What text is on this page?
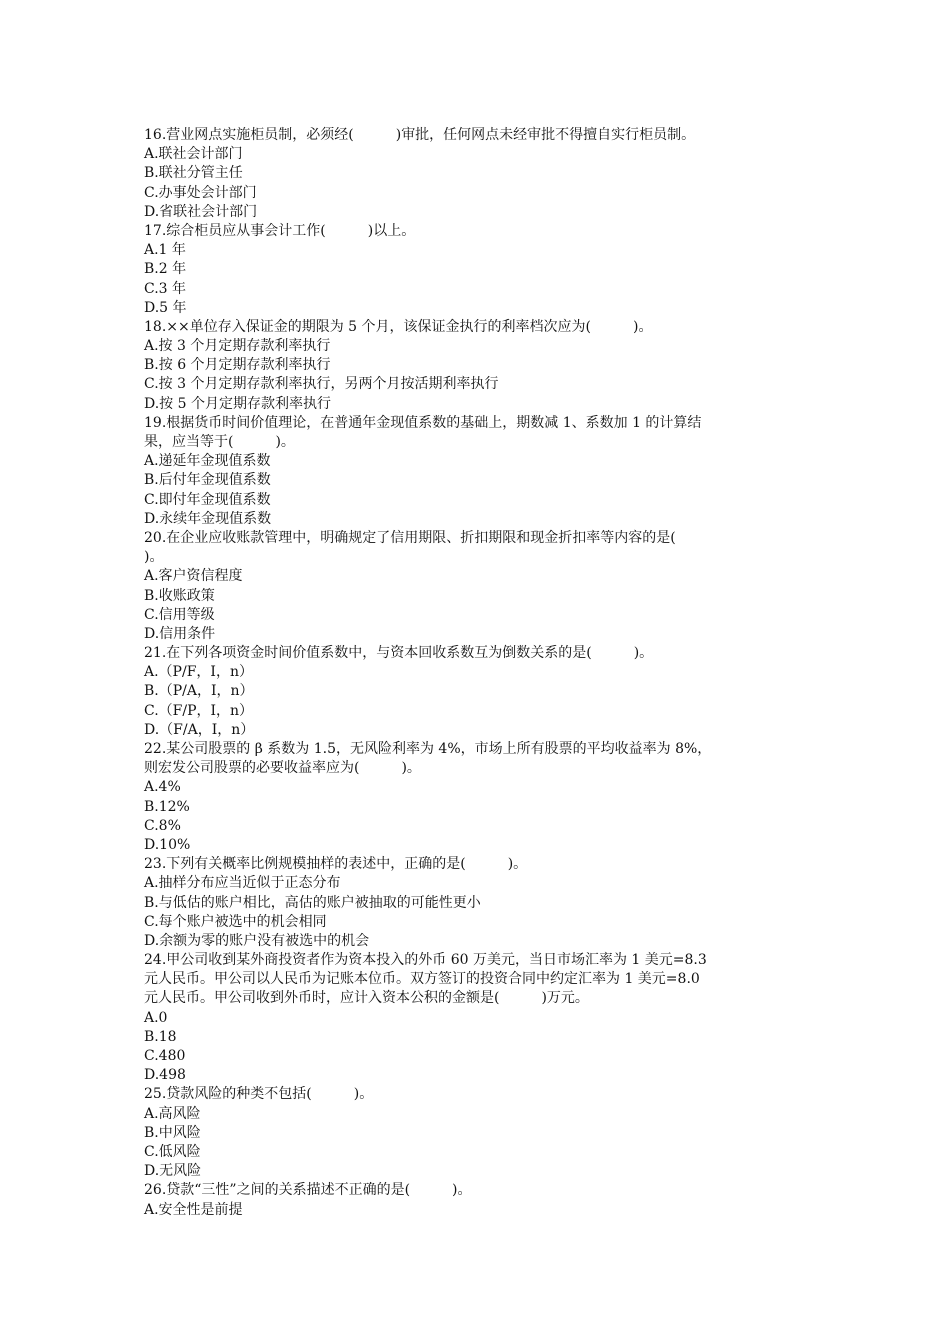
16.营业网点实施柜员制，必须经(　　　)审批，任何网点未经审批不得擅自实行柜员制。
A.联社会计部门
B.联社分管主任
C.办事处会计部门
D.省联社会计部门
17.综合柜员应从事会计工作(　　　)以上。
A.1 年
B.2 年
C.3 年
D.5 年
18.××单位存入保证金的期限为 5 个月，该保证金执行的利率档次应为(　　　)。
A.按 3 个月定期存款利率执行
B.按 6 个月定期存款利率执行
C.按 3 个月定期存款利率执行，另两个月按活期利率执行
D.按 5 个月定期存款利率执行
19.根据货币时间价值理论，在普通年金现值系数的基础上，期数减 1、系数加 1 的计算结
果，应当等于(　　　)。
A.递延年金现值系数
B.后付年金现值系数
C.即付年金现值系数
D.永续年金现值系数
20.在企业应收账款管理中，明确规定了信用期限、折扣期限和现金折扣率等内容的是(
)。
A.客户资信程度
B.收账政策
C.信用等级
D.信用条件
21.在下列各项资金时间价值系数中，与资本回收系数互为倒数关系的是(　　　)。
A.（P/F，I，n）
B.（P/A，I，n）
C.（F/P，I，n）
D.（F/A，I，n）
22.某公司股票的 β 系数为 1.5，无风险利率为 4%，市场上所有股票的平均收益率为 8%，
则宏发公司股票的必要收益率应为(　　　)。
A.4%
B.12%
C.8%
D.10%
23.下列有关概率比例规模抽样的表述中，正确的是(　　　)。
A.抽样分布应当近似于正态分布
B.与低估的账户相比，高估的账户被抽取的可能性更小
C.每个账户被选中的机会相同
D.余额为零的账户没有被选中的机会
24.甲公司收到某外商投资者作为资本投入的外币 60 万美元，当日市场汇率为 1 美元=8.3
元人民币。甲公司以人民币为记账本位币。双方签订的投资合同中约定汇率为 1 美元=8.0
元人民币。甲公司收到外币时，应计入资本公积的金额是(　　　)万元。
A.0
B.18
C.480
D.498
25.贷款风险的种类不包括(　　　)。
A.高风险
B.中风险
C.低风险
D.无风险
26.贷款“三性”之间的关系描述不正确的是(　　　)。
A.安全性是前提
